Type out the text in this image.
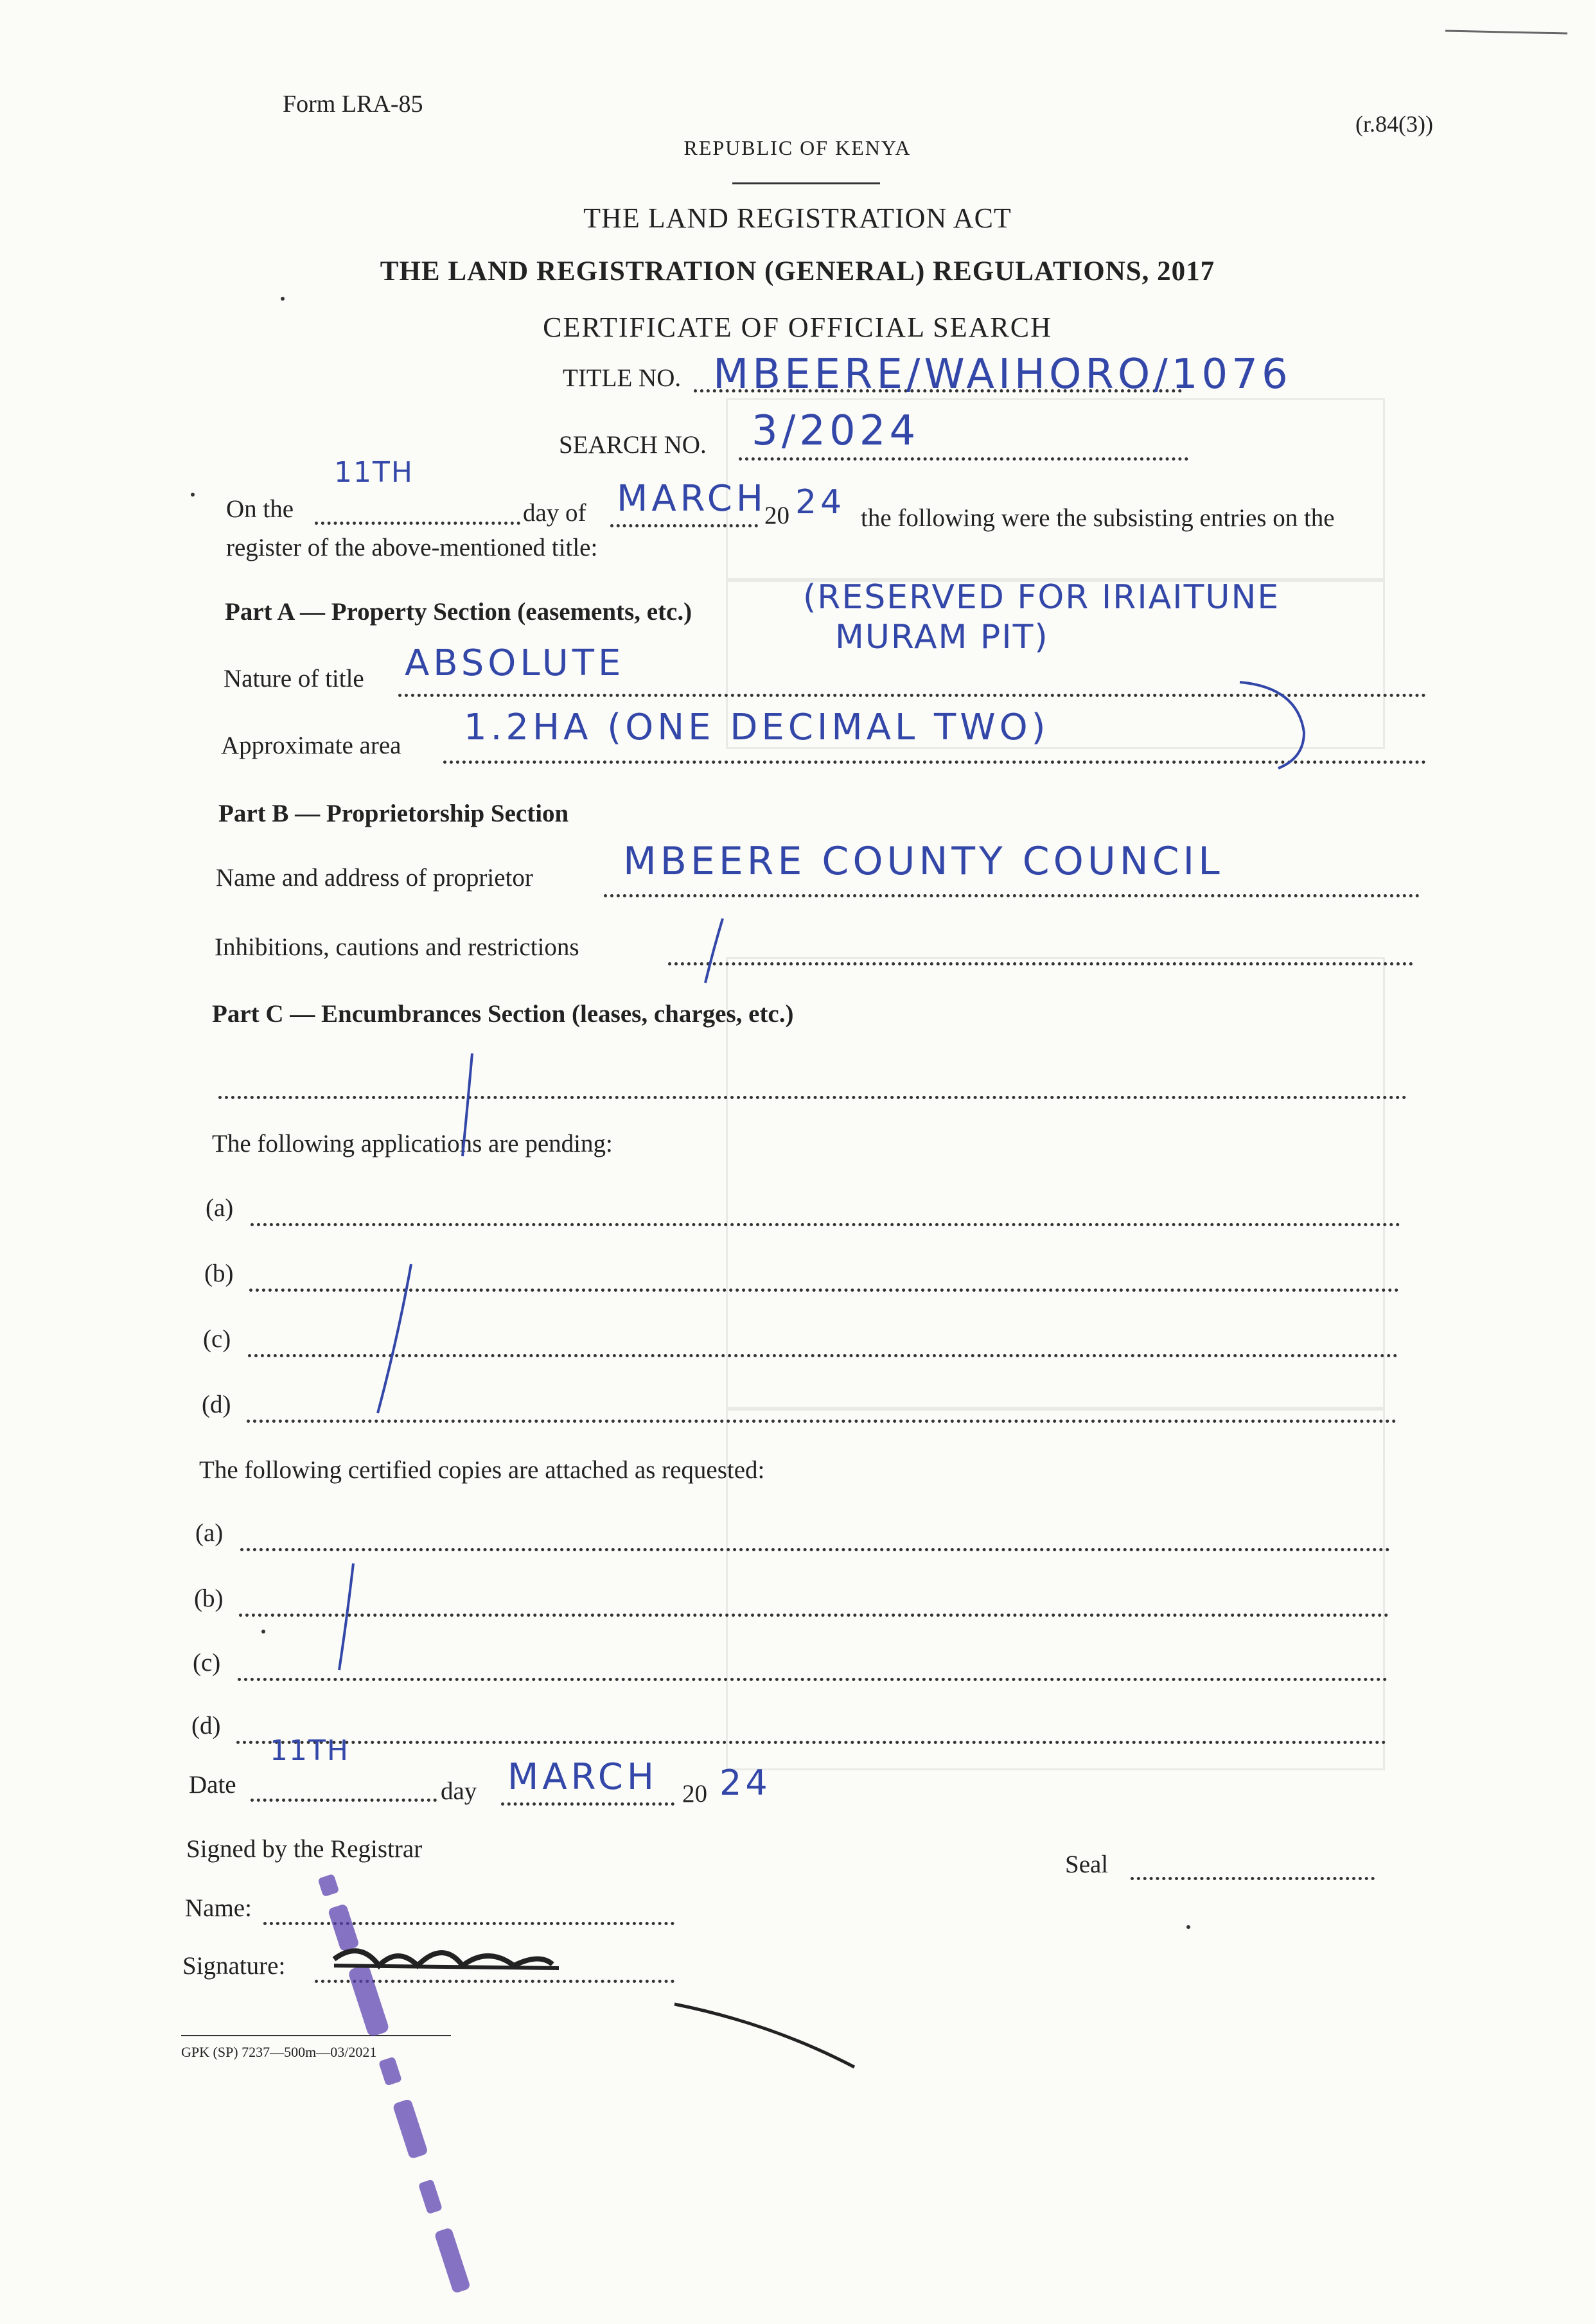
Form LRA-85
(r.84(3))
REPUBLIC OF KENYA
THE LAND REGISTRATION ACT
THE LAND REGISTRATION (GENERAL) REGULATIONS, 2017
CERTIFICATE OF OFFICIAL SEARCH
TITLE NO. MBEERE/WAIHORO/1076
SEARCH NO. 3/2024
On the
11TH
day of MARCH
20 24 the following were the subsisting entries on the
register of the above-mentioned title:
Part A — Property Section (easements, etc.)	(RESERVED FOR IRIAITUNE
MURAM PIT)
Nature of title ABSOLUTE
Approximate area 1.2HA (ONE DECIMAL TWO)
Part B — Proprietorship Section
Name and address of proprietor MBEERE COUNTY COUNCIL
Inhibitions, cautions and restrictions
Part C — Encumbrances Section (leases, charges, etc.)
The following applications are pending:
(a)
(b)
(c)
(d)
The following certified copies are attached as requested:
(a)
(b)
(c)
(d)
Date
11TH
day MARCH 20 24
Signed by the Registrar
Seal
Name:
Signature:
GPK (SP) 7237—500m—03/2021
